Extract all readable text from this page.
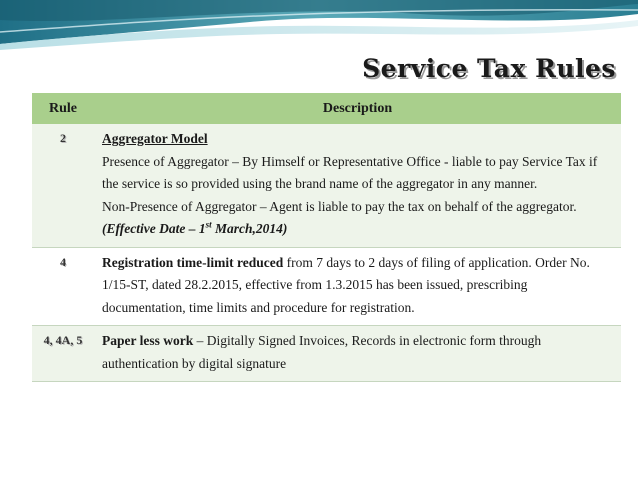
Service Tax Rules
Rule	Description
2	Aggregator Model
Presence of Aggregator – By Himself or Representative Office - liable to pay Service Tax if the service is so provided using the brand name of the aggregator in any manner.
Non-Presence of Aggregator – Agent is liable to pay the tax on behalf of the aggregator.
(Effective Date – 1st March,2014)

4	Registration time-limit reduced from 7 days to 2 days of filing of application. Order No. 1/15-ST, dated 28.2.2015, effective from 1.3.2015 has been issued, prescribing documentation, time limits and procedure for registration.
4, 4A, 5	Paper less work – Digitally Signed Invoices, Records in electronic form through authentication by digital signature
